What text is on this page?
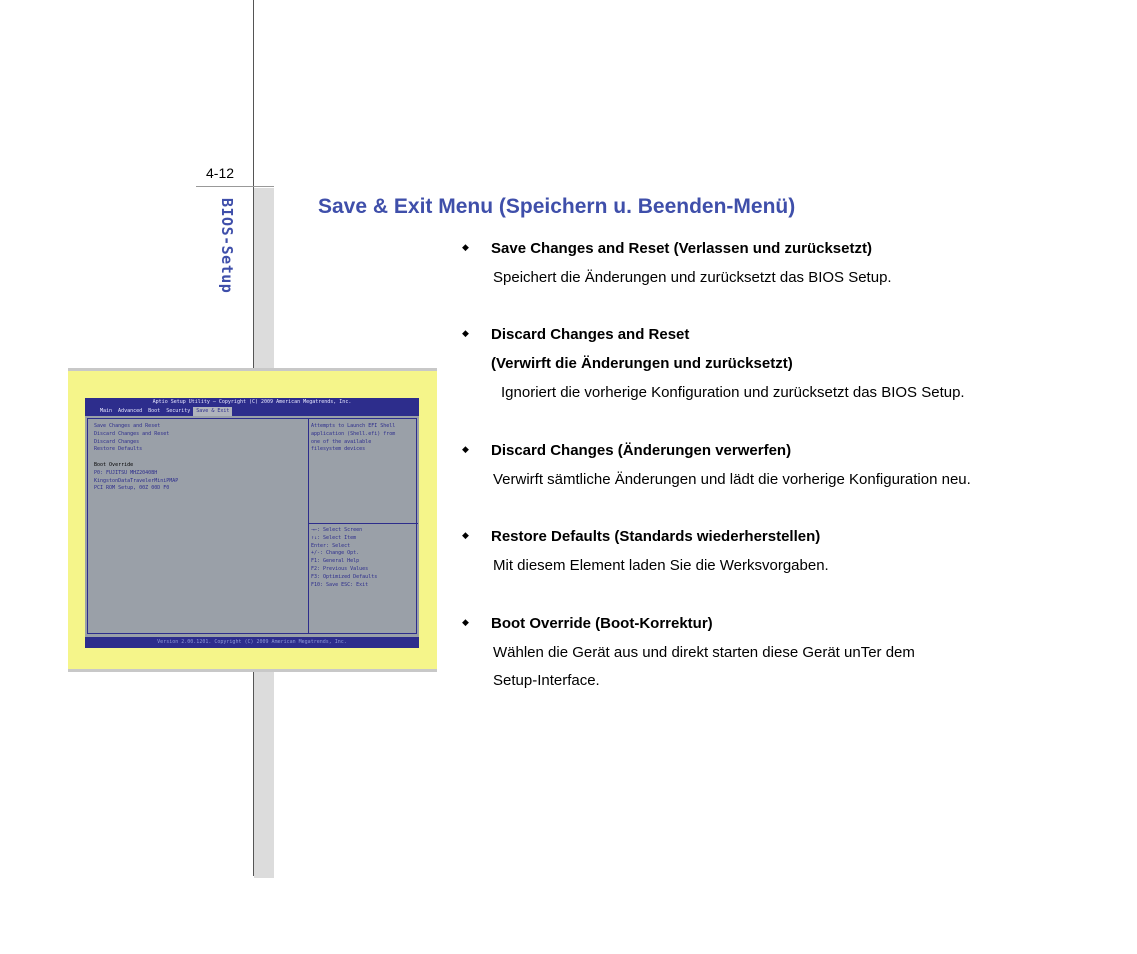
4-12
BIOS-Setup	Save & Exit Menu (Speichern u. Beenden-Menü)
Aptio Setup Utility – Copyright (C) 2009 American Megatrends, Inc.
Main	Advanced	Boot	Security	Save & Exit
Save Changes and Reset
Discard Changes and Reset
Discard Changes
Restore Defaults
Boot Override
P0: FUJITSU MHZ2040BH
KingstonDataTravelerMiniPMAP
PCI ROM Setup, 00Z 00D F0
Attempts to Launch EFI Shell
application (Shell.efi) from
one of the available
filesystem devices
→←: Select Screen
↑↓: Select Item
Enter: Select
+/-: Change Opt.
F1: General Help
F2: Previous Values
F3: Optimized Defaults
F10: Save ESC: Exit
Version 2.00.1201. Copyright (C) 2009 American Megatrends, Inc.
◆ Save Changes and Reset (Verlassen und zurücksetzt)
Speichert die Änderungen und zurücksetzt das BIOS Setup.
◆ Discard Changes and Reset
(Verwirft die Änderungen und zurücksetzt)
Ignoriert die vorherige Konfiguration und zurücksetzt das BIOS Setup.
◆ Discard Changes (Änderungen verwerfen)
Verwirft sämtliche Änderungen und lädt die vorherige Konfiguration neu.
◆ Restore Defaults (Standards wiederherstellen)
Mit diesem Element laden Sie die Werksvorgaben.
◆ Boot Override (Boot-Korrektur)
Wählen die Gerät aus und direkt starten diese Gerät unTer dem
Setup-Interface.
